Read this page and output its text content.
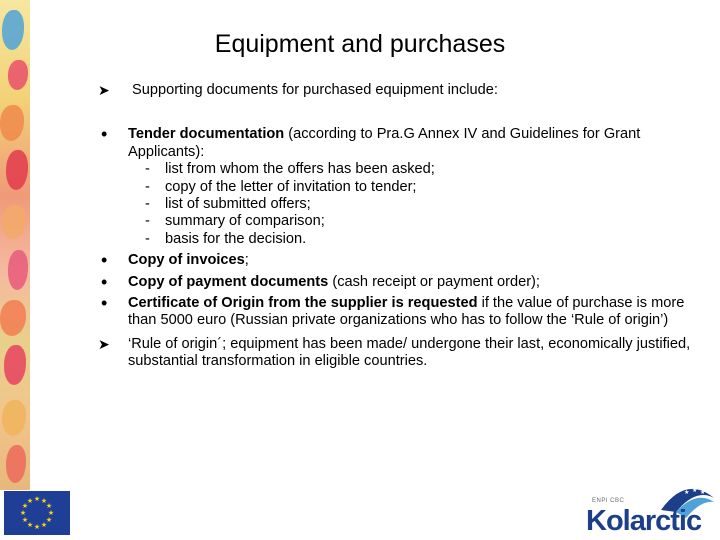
Equipment and purchases
➤ Supporting documents for purchased equipment include:
• Tender documentation (according to Pra.G Annex IV and Guidelines for Grant Applicants):
- list from whom the offers has been asked;
- copy of the letter of invitation to tender;
- list of submitted offers;
- summary of comparison;
- basis for the decision.
• Copy of invoices;
• Copy of payment documents (cash receipt or payment order);
• Certificate of Origin from the supplier is requested if the value of purchase is more than 5000 euro (Russian private organizations who has to follow the ‘Rule of origin’)
➤ ‘Rule of origin´; equipment has been made/ undergone their last, economically justified, substantial transformation in eligible countries.
★ ★
★
★
★
★
★
★
★
★
★
★
★ ★ ★
ENPI CBC
Kolarctic
